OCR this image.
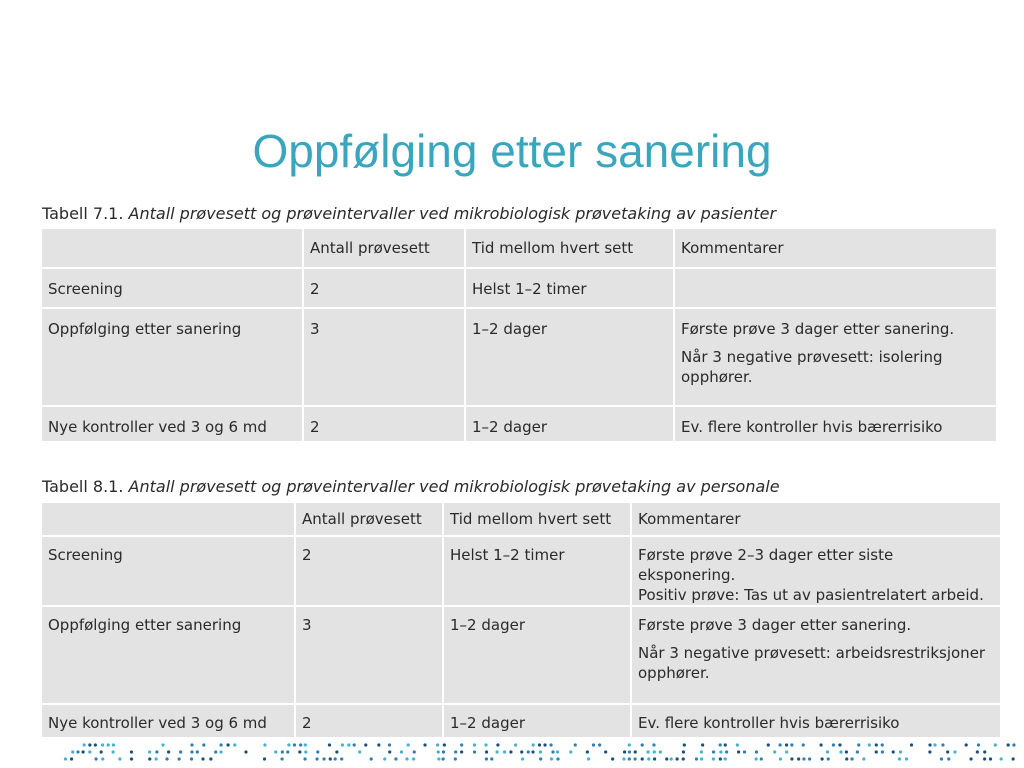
Oppfølging etter sanering
Tabell 7.1. Antall prøvesett og prøveintervaller ved mikrobiologisk prøvetaking av pasienter
	Antall prøvesett	Tid mellom hvert sett	Kommentarer
Screening	2	Helst 1–2 timer	

Oppfølging etter sanering	3	1–2 dager	Første prøve 3 dager etter sanering.
Når 3 negative prøvesett: isolering opphører.

Nye kontroller ved 3 og 6 md	2	1–2 dager	Ev. flere kontroller hvis bærerrisiko
Tabell 8.1. Antall prøvesett og prøveintervaller ved mikrobiologisk prøvetaking av personale
	Antall prøvesett	Tid mellom hvert sett	Kommentarer
Screening	2	Helst 1–2 timer	Første prøve 2–3 dager etter siste eksponering.
Positiv prøve: Tas ut av pasientrelatert arbeid.

Oppfølging etter sanering	3	1–2 dager	Første prøve 3 dager etter sanering.
Når 3 negative prøvesett: arbeidsrestriksjoner opphører.

Nye kontroller ved 3 og 6 md	2	1–2 dager	Ev. flere kontroller hvis bærerrisiko
